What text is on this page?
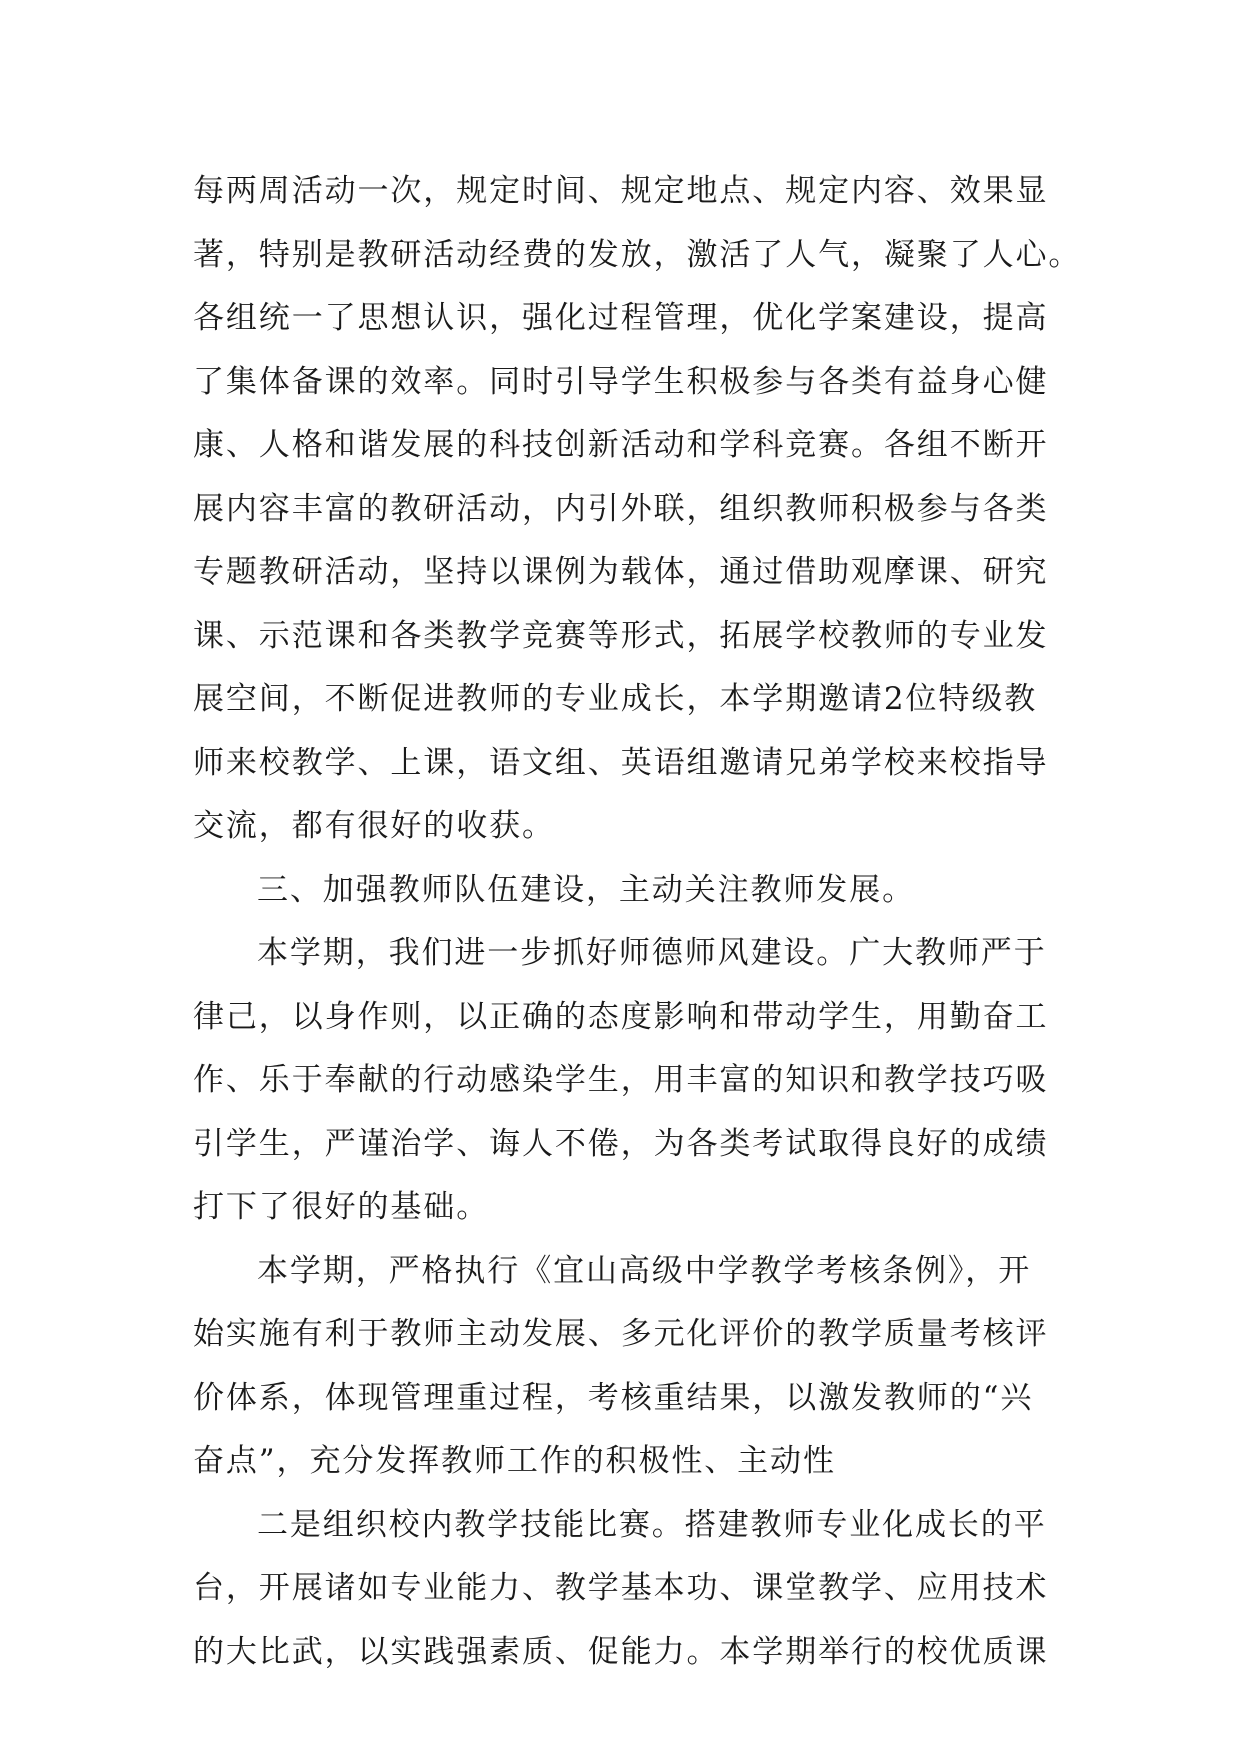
每两周活动一次，规定时间、规定地点、规定内容、效果显
著，特别是教研活动经费的发放，激活了人气，凝聚了人心。
各组统一了思想认识，强化过程管理，优化学案建设，提高
了集体备课的效率。同时引导学生积极参与各类有益身心健
康、人格和谐发展的科技创新活动和学科竞赛。各组不断开
展内容丰富的教研活动，内引外联，组织教师积极参与各类
专题教研活动，坚持以课例为载体，通过借助观摩课、研究
课、示范课和各类教学竞赛等形式，拓展学校教师的专业发
展空间，不断促进教师的专业成长，本学期邀请2位特级教
师来校教学、上课，语文组、英语组邀请兄弟学校来校指导
交流，都有很好的收获。
三、加强教师队伍建设，主动关注教师发展。
本学期，我们进一步抓好师德师风建设。广大教师严于
律己，以身作则，以正确的态度影响和带动学生，用勤奋工
作、乐于奉献的行动感染学生，用丰富的知识和教学技巧吸
引学生，严谨治学、诲人不倦，为各类考试取得良好的成绩
打下了很好的基础。
本学期，严格执行《宜山高级中学教学考核条例》，开
始实施有利于教师主动发展、多元化评价的教学质量考核评
价体系，体现管理重过程，考核重结果，以激发教师的“兴
奋点”，充分发挥教师工作的积极性、主动性
二是组织校内教学技能比赛。搭建教师专业化成长的平
台，开展诸如专业能力、教学基本功、课堂教学、应用技术
的大比武，以实践强素质、促能力。本学期举行的校优质课
